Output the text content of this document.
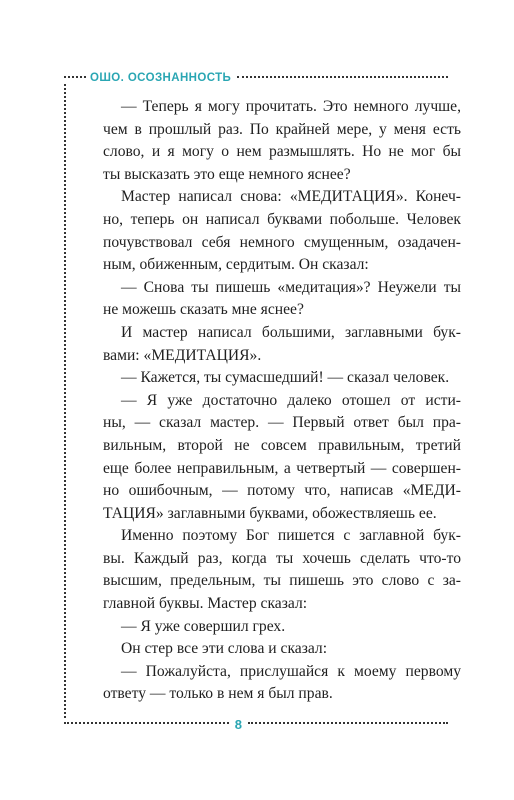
ОШО. ОСОЗНАННОСТЬ
— Теперь я могу прочитать. Это немного лучше,
чем в прошлый раз. По крайней мере, у меня есть
слово, и я могу о нем размышлять. Но не мог бы
ты высказать это еще немного яснее?
Мастер написал снова: «МЕДИТАЦИЯ». Конеч-
но, теперь он написал буквами побольше. Человек
почувствовал себя немного смущенным, озадачен-
ным, обиженным, сердитым. Он сказал:
— Снова ты пишешь «медитация»? Неужели ты
не можешь сказать мне яснее?
И мастер написал большими, заглавными бук-
вами: «МЕДИТАЦИЯ».
— Кажется, ты сумасшедший! — сказал человек.
— Я уже достаточно далеко отошел от исти-
ны, — сказал мастер. — Первый ответ был пра-
вильным, второй не совсем правильным, третий
еще более неправильным, а четвертый — совершен-
но ошибочным, — потому что, написав «МЕДИ-
ТАЦИЯ» заглавными буквами, обожествляешь ее.
Именно поэтому Бог пишется с заглавной бук-
вы. Каждый раз, когда ты хочешь сделать что-то
высшим, предельным, ты пишешь это слово с за-
главной буквы. Мастер сказал:
— Я уже совершил грех.
Он стер все эти слова и сказал:
— Пожалуйста, прислушайся к моему первому
ответу — только в нем я был прав.
8
